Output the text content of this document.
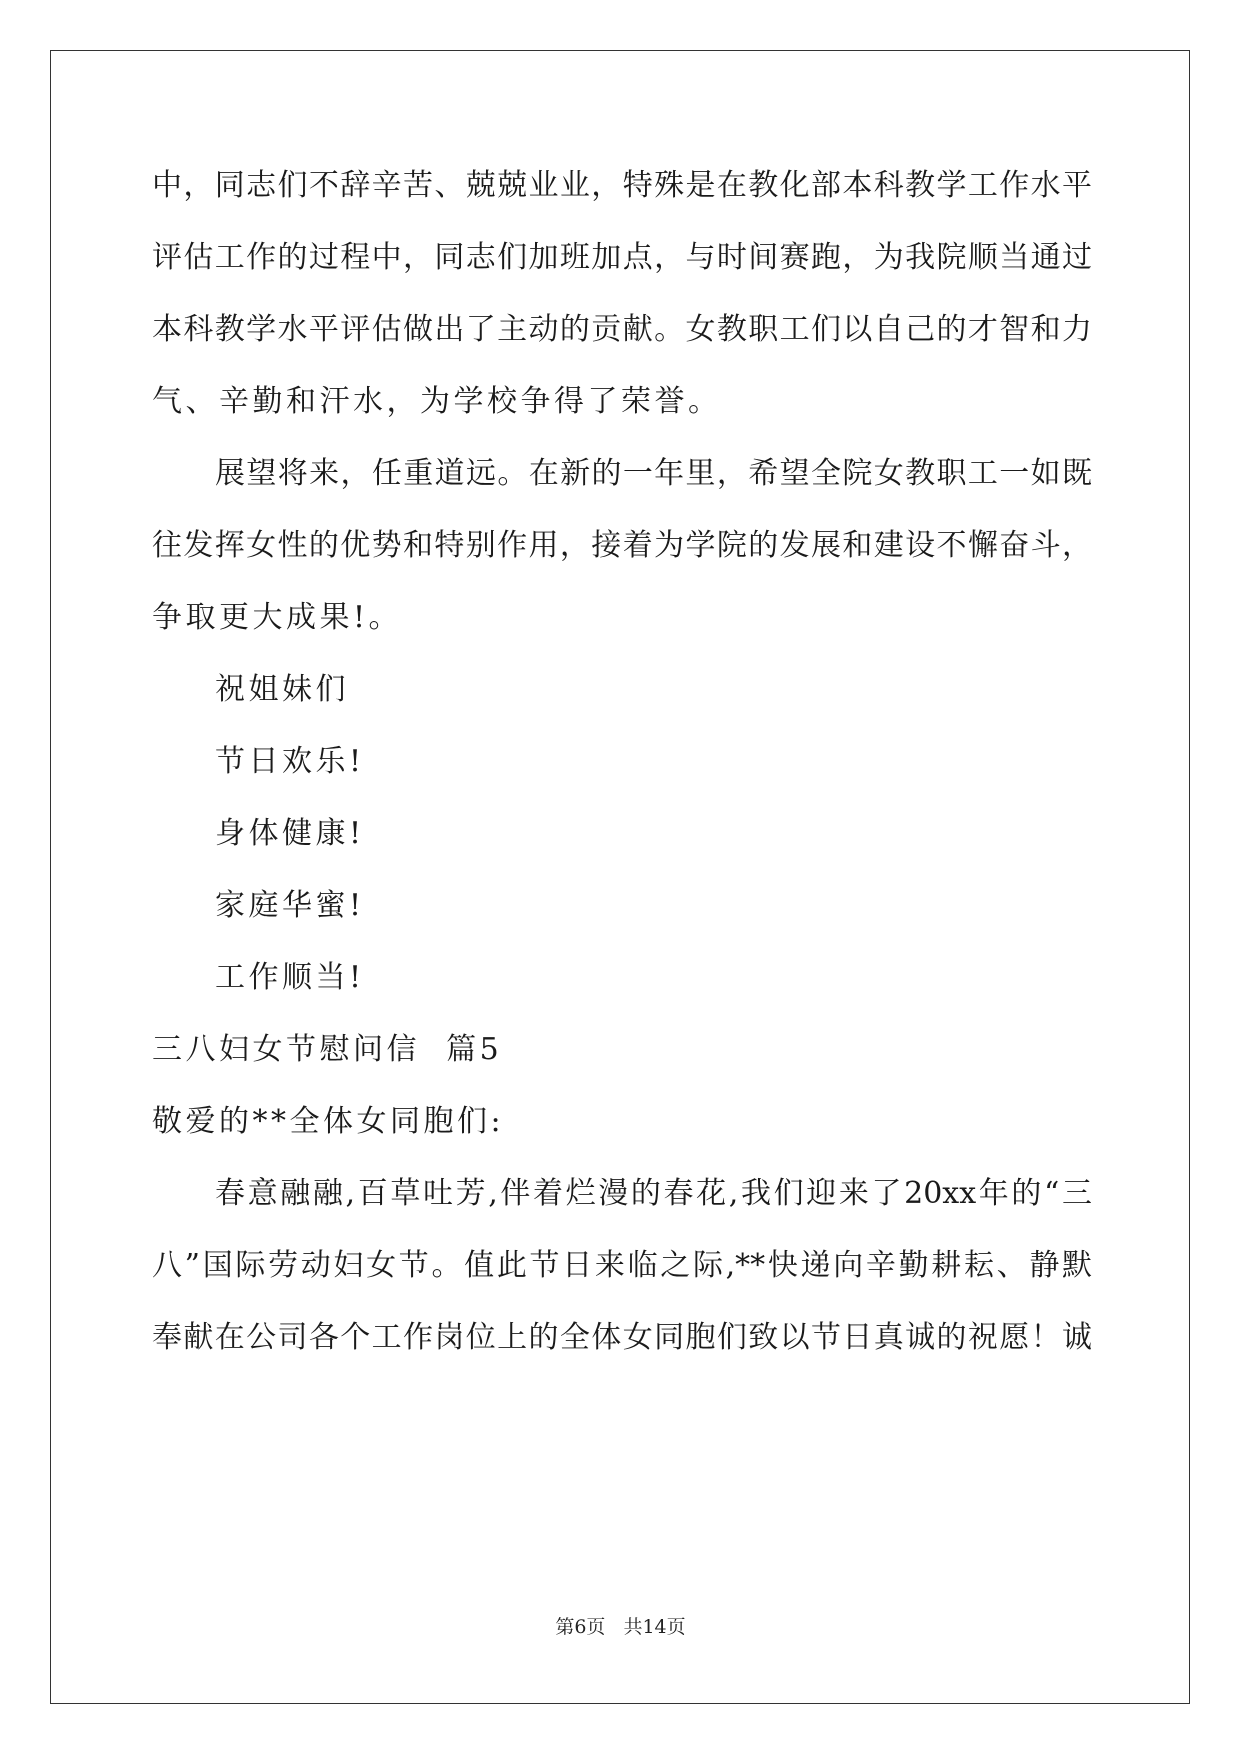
中，同志们不辞辛苦、兢兢业业，特殊是在教化部本科教学工作水平
评估工作的过程中，同志们加班加点，与时间赛跑，为我院顺当通过
本科教学水平评估做出了主动的贡献。女教职工们以自己的才智和力
气、辛勤和汗水，为学校争得了荣誉。
展望将来，任重道远。在新的一年里，希望全院女教职工一如既
往发挥女性的优势和特别作用，接着为学院的发展和建设不懈奋斗，
争取更大成果!。
祝姐妹们
节日欢乐!
身体健康!
家庭华蜜!
工作顺当!
三八妇女节慰问信  篇5
敬爱的**全体女同胞们:
春意融融,百草吐芳,伴着烂漫的春花,我们迎来了20xx年的“三
八”国际劳动妇女节。值此节日来临之际,**快递向辛勤耕耘、静默
奉献在公司各个工作岗位上的全体女同胞们致以节日真诚的祝愿！诚
第6页 共14页
